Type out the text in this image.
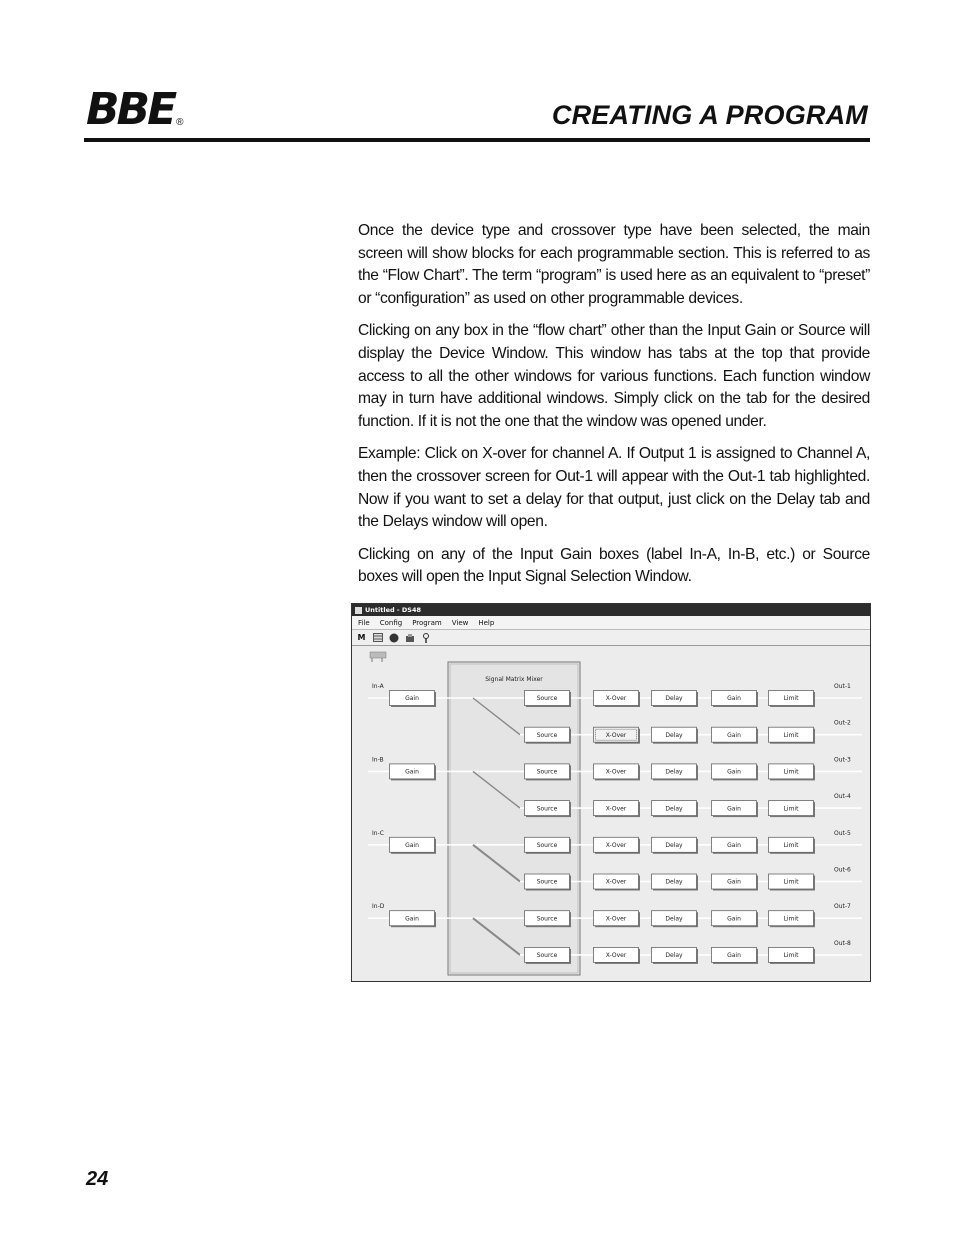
BBE ®	CREATING A PROGRAM

Once the device type and crossover type have been selected, the main screen will show blocks for each programmable section. This is referred to as the “Flow Chart”. The term “program” is used here as an equivalent to “preset” or “configuration” as used on other programmable devices.

Clicking on any box in the “flow chart” other than the Input Gain or Source will display the Device Window. This window has tabs at the top that provide access to all the other windows for various functions. Each function window may in turn have additional windows. Simply click on the tab for the desired function. If it is not the one that the window was opened under.

Example: Click on X-over for channel A. If Output 1 is assigned to Channel A, then the crossover screen for Out-1 will appear with the Out-1 tab highlighted. Now if you want to set a delay for that output, just click on the Delay tab and the Delays window will open.

Clicking on any of the Input Gain boxes (label In-A, In-B, etc.) or Source boxes will open the Input Signal Selection Window.

Untitled - DS48
File Config Program View Help
M
Signal Matrix Mixer
In-A
Gain
In-B
Gain
In-C
Gain
In-D
Gain
Out-1
Source	X-Over	Delay	Gain	Limit
Out-2
Source	X-Over	Delay	Gain	Limit
Out-3
Source	X-Over	Delay	Gain	Limit
Out-4
Source	X-Over	Delay	Gain	Limit
Out-5
Source	X-Over	Delay	Gain	Limit
Out-6
Source	X-Over	Delay	Gain	Limit
Out-7
Source	X-Over	Delay	Gain	Limit
Out-8
Source	X-Over	Delay	Gain	Limit
24
